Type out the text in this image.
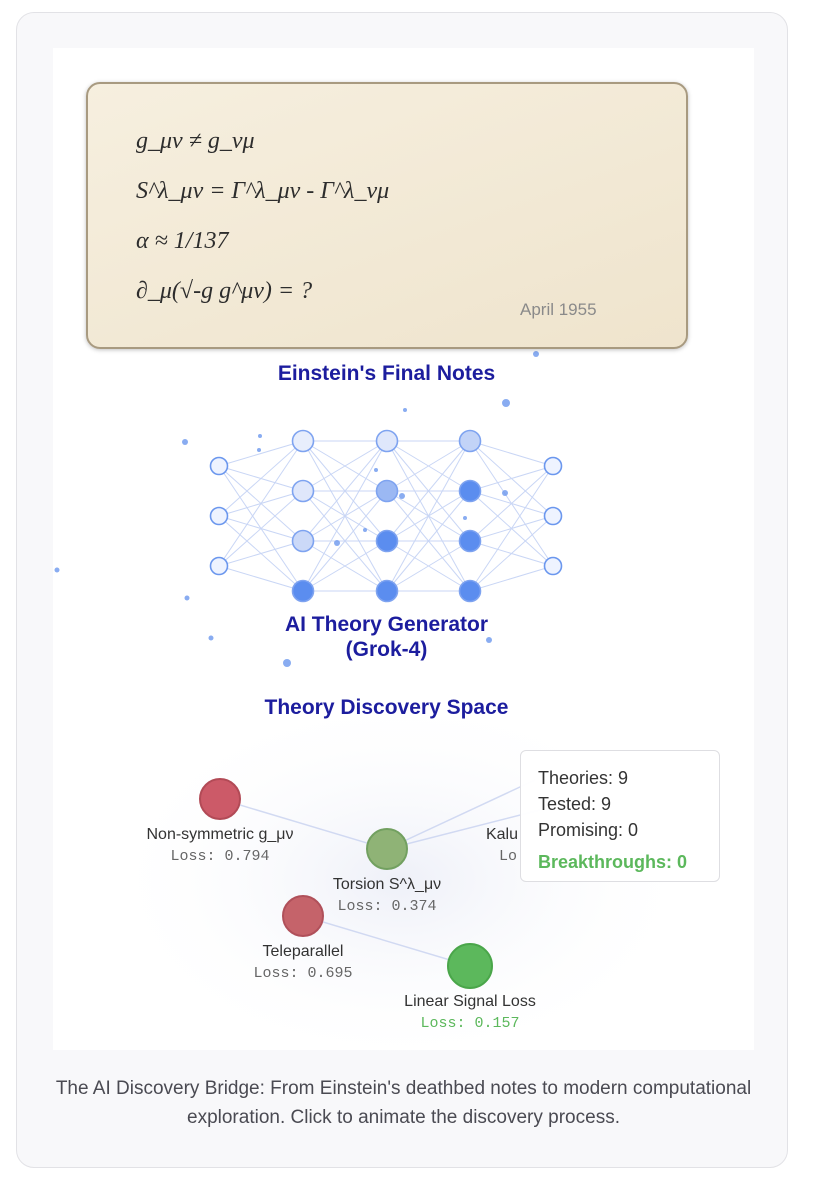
g_μν ≠ g_νμ
S^λ_μν = Γ^λ_μν - Γ^λ_νμ
α ≈ 1/137
∂_μ(√-g g^μν) = ?
April 1955
Einstein's Final Notes
AI Theory Generator
(Grok-4)
Theory Discovery Space
Non-symmetric g_μν
Loss: 0.794
Torsion S^λ_μν
Loss: 0.374
Teleparallel
Loss: 0.695
Linear Signal Loss
Loss: 0.157
Kalu
Lo
Theories: 9
Tested: 9
Promising: 0
Breakthroughs: 0
The AI Discovery Bridge: From Einstein's deathbed notes to modern computational exploration. Click to animate the discovery process.
